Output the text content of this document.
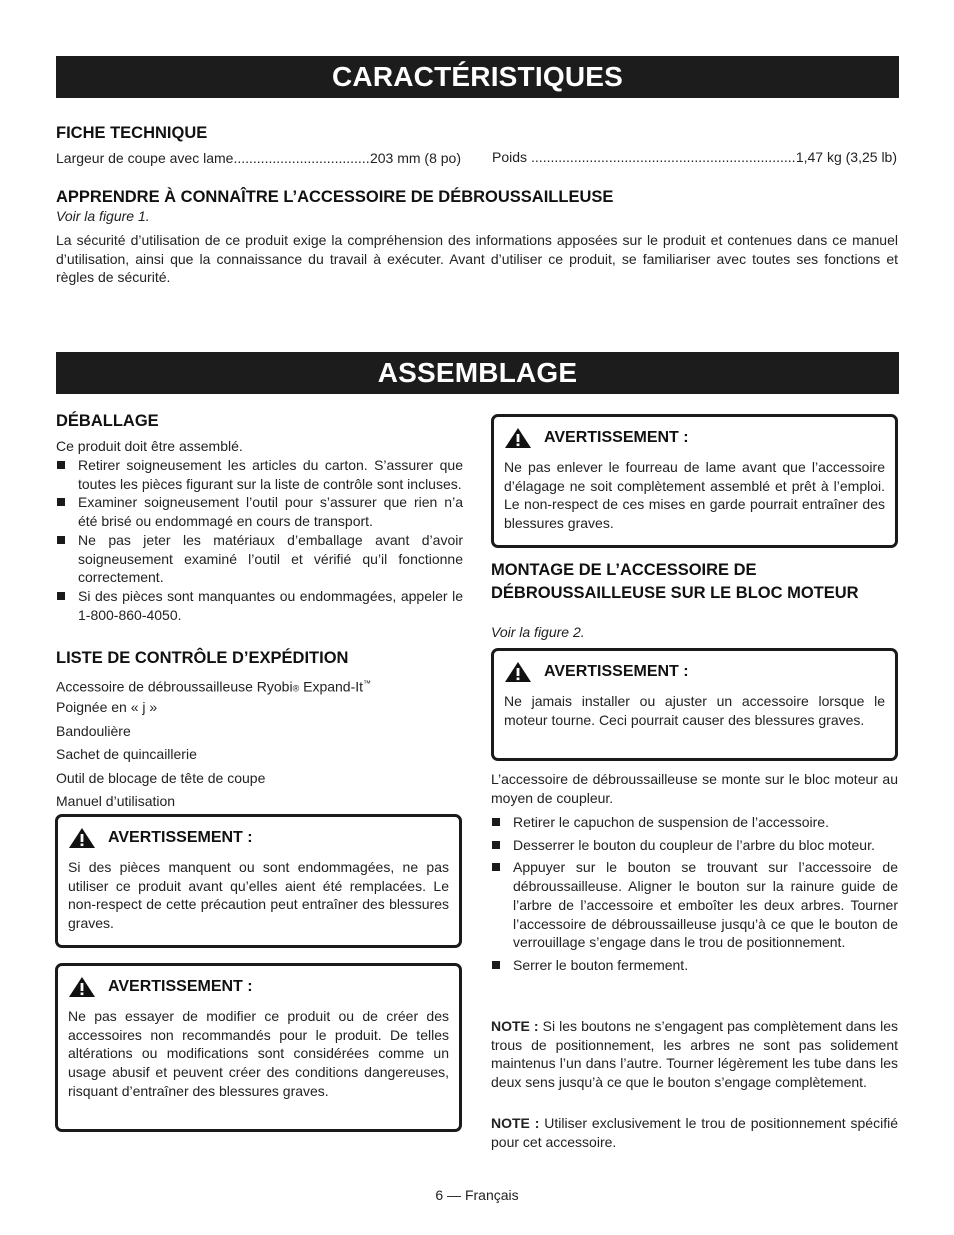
CARACTÉRISTIQUES
FICHE TECHNIQUE
Largeur de coupe avec lame .....	203 mm (8 po) Poids .....	1,47 kg (3,25 lb)
APPRENDRE À CONNAÎTRE L’ACCESSOIRE DE DÉBROUSSAILLEUSE
Voir la figure 1.
La sécurité d’utilisation de ce produit exige la compréhension des informations apposées sur le produit et contenues dans ce manuel d’utilisation, ainsi que la connaissance du travail à exécuter. Avant d’utiliser ce produit, se familiariser avec toutes ses fonctions et règles de sécurité.
ASSEMBLAGE
DÉBALLAGE
Ce produit doit être assemblé.
Retirer soigneusement les articles du carton. S’assurer que toutes les pièces figurant sur la liste de contrôle sont incluses.
Examiner soigneusement l’outil pour s’assurer que rien n’a été brisé ou endommagé en cours de transport.
Ne pas jeter les matériaux d’emballage avant d’avoir soigneusement examiné l’outil et vérifié qu’il fonctionne correctement.
Si des pièces sont manquantes ou endommagées, appeler le 1-800-860-4050.
LISTE DE CONTRÔLE D’EXPÉDITION
Accessoire de débroussailleuse Ryobi® Expand-It™
Poignée en « j »
Bandoulière
Sachet de quincaillerie
Outil de blocage de tête de coupe
Manuel d’utilisation
AVERTISSEMENT :
Si des pièces manquent ou sont endommagées, ne pas utiliser ce produit avant qu’elles aient été remplacées. Le non-respect de cette précaution peut entraîner des blessures graves.
AVERTISSEMENT :
Ne pas essayer de modifier ce produit ou de créer des accessoires non recommandés pour le produit. De telles altérations ou modifications sont considérées comme un usage abusif et peuvent créer des conditions dangereuses, risquant d’entraîner des blessures graves.
AVERTISSEMENT :
Ne pas enlever le fourreau de lame avant que l’accessoire d’élagage ne soit complètement assemblé et prêt à l’emploi. Le non-respect de ces mises en garde pourrait entraîner des blessures graves.
MONTAGE DE L’ACCESSOIRE DE DÉBROUSSAILLEUSE SUR LE BLOC MOTEUR
Voir la figure 2.
AVERTISSEMENT :
Ne jamais installer ou ajuster un accessoire lorsque le moteur tourne. Ceci pourrait causer des blessures graves.
L’accessoire de débroussailleuse se monte sur le bloc moteur au moyen de coupleur.
Retirer le capuchon de suspension de l’accessoire.
Desserrer le bouton du coupleur de l’arbre du bloc moteur.
Appuyer sur le bouton se trouvant sur l’accessoire de débroussailleuse. Aligner le bouton sur la rainure guide de l’arbre de l’accessoire et emboîter les deux arbres. Tourner l’accessoire de débroussailleuse jusqu’à ce que le bouton de verrouillage s’engage dans le trou de positionnement.
Serrer le bouton fermement.
NOTE : Si les boutons ne s’engagent pas complètement dans les trous de positionnement, les arbres ne sont pas solidement maintenus l’un dans l’autre. Tourner légèrement les tube dans les deux sens jusqu’à ce que le bouton s’engage complètement.
NOTE : Utiliser exclusivement le trou de positionnement spécifié pour cet accessoire.
6 — Français
